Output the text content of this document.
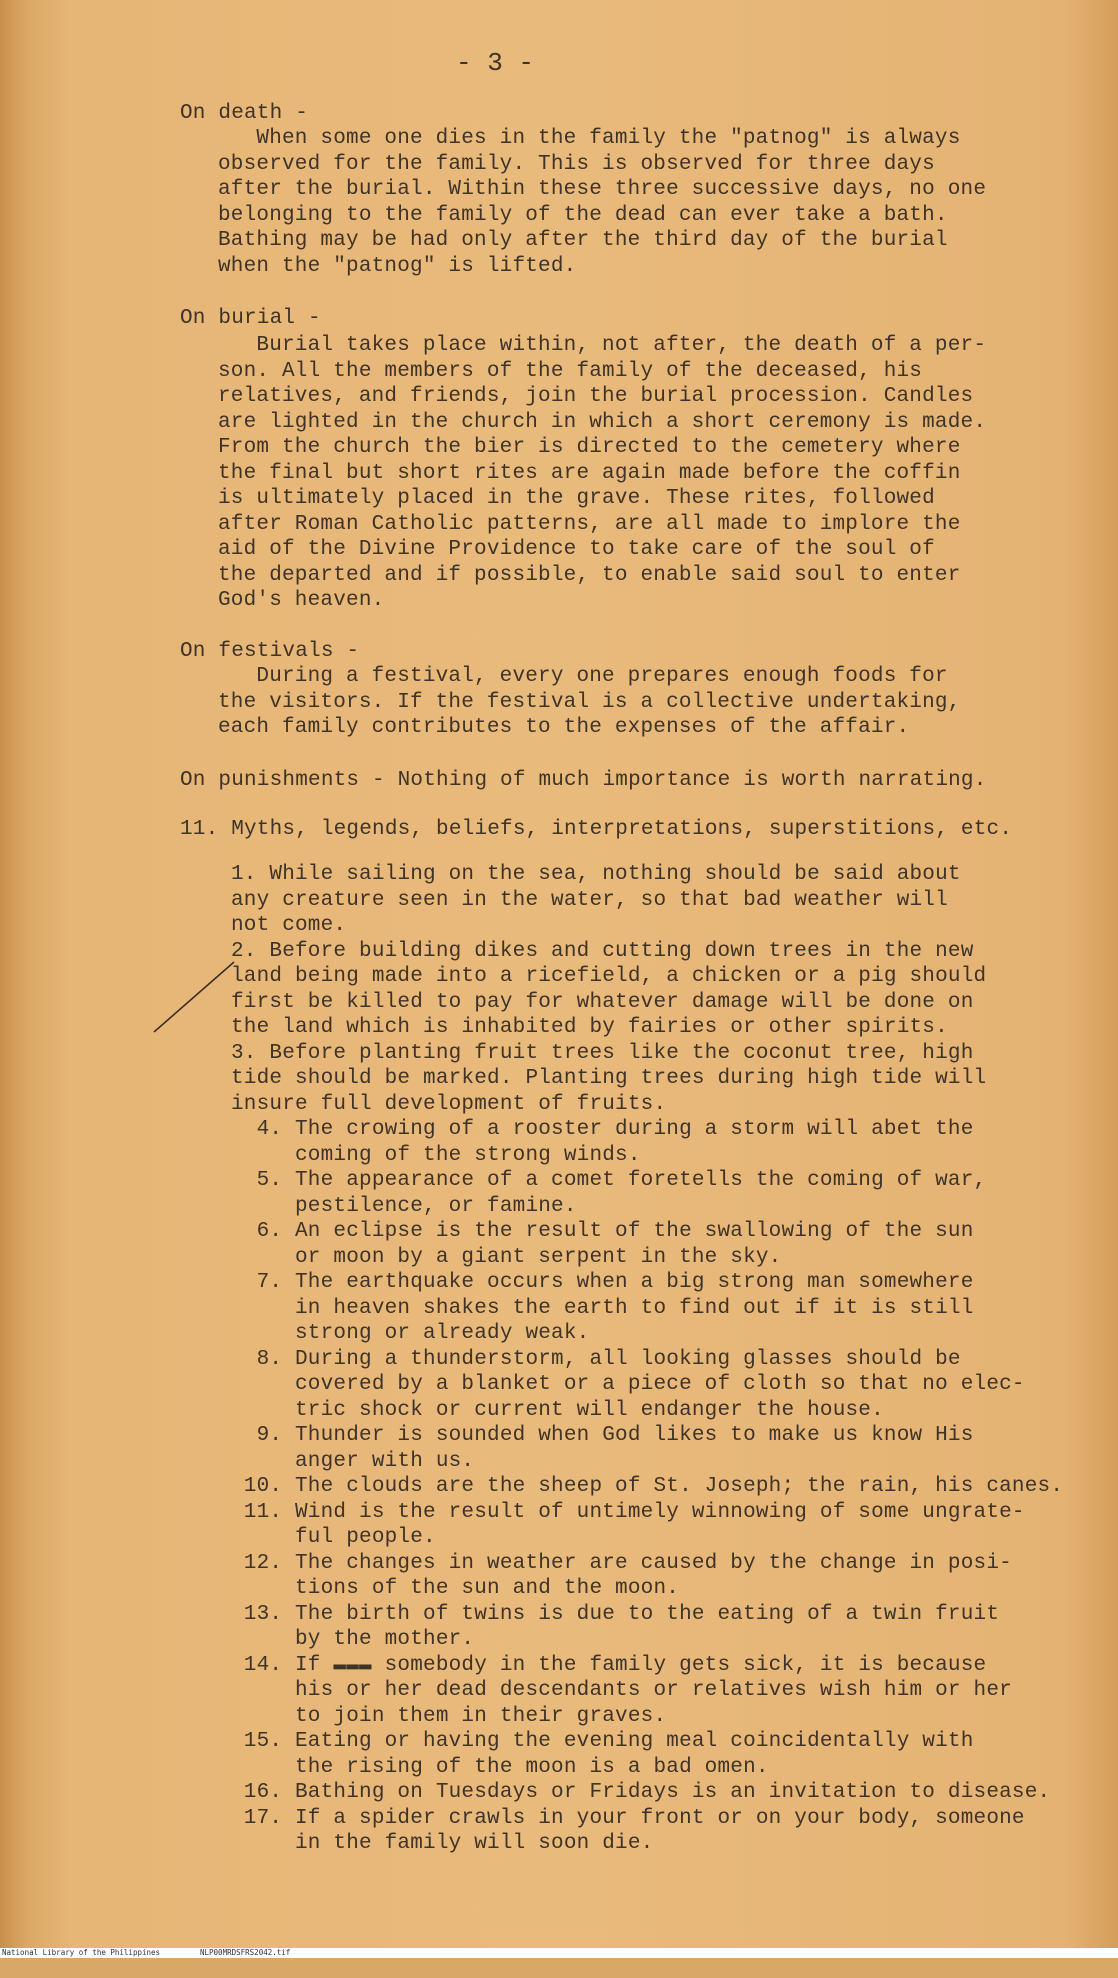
- 3 -
On death -
When some one dies in the family the "patnog" is always
observed for the family. This is observed for three days
after the burial. Within these three successive days, no one
belonging to the family of the dead can ever take a bath.
Bathing may be had only after the third day of the burial
when the "patnog" is lifted.
On burial -
Burial takes place within, not after, the death of a per-
son. All the members of the family of the deceased, his
relatives, and friends, join the burial procession. Candles
are lighted in the church in which a short ceremony is made.
From the church the bier is directed to the cemetery where
the final but short rites are again made before the coffin
is ultimately placed in the grave. These rites, followed
after Roman Catholic patterns, are all made to implore the
aid of the Divine Providence to take care of the soul of
the departed and if possible, to enable said soul to enter
God's heaven.
On festivals -
During a festival, every one prepares enough foods for
the visitors. If the festival is a collective undertaking,
each family contributes to the expenses of the affair.
On punishments - Nothing of much importance is worth narrating.
11. Myths, legends, beliefs, interpretations, superstitions, etc.
1. While sailing on the sea, nothing should be said about
any creature seen in the water, so that bad weather will
not come.
2. Before building dikes and cutting down trees in the new
land being made into a ricefield, a chicken or a pig should
first be killed to pay for whatever damage will be done on
the land which is inhabited by fairies or other spirits.
3. Before planting fruit trees like the coconut tree, high
tide should be marked. Planting trees during high tide will
insure full development of fruits.
4. The crowing of a rooster during a storm will abet the
coming of the strong winds.
5. The appearance of a comet foretells the coming of war,
pestilence, or famine.
6. An eclipse is the result of the swallowing of the sun
or moon by a giant serpent in the sky.
7. The earthquake occurs when a big strong man somewhere
in heaven shakes the earth to find out if it is still
strong or already weak.
8. During a thunderstorm, all looking glasses should be
covered by a blanket or a piece of cloth so that no elec-
tric shock or current will endanger the house.
9. Thunder is sounded when God likes to make us know His
anger with us.
10. The clouds are the sheep of St. Joseph; the rain, his canes.
11. Wind is the result of untimely winnowing of some ungrate-
ful people.
12. The changes in weather are caused by the change in posi-
tions of the sun and the moon.
13. The birth of twins is due to the eating of a twin fruit
by the mother.
14. If ▬▬▬ somebody in the family gets sick, it is because
his or her dead descendants or relatives wish him or her
to join them in their graves.
15. Eating or having the evening meal coincidentally with
the rising of the moon is a bad omen.
16. Bathing on Tuesdays or Fridays is an invitation to disease.
17. If a spider crawls in your front or on your body, someone
in the family will soon die.

National Library of the Philippines

	NLP00MRDSFRS2042.tif
